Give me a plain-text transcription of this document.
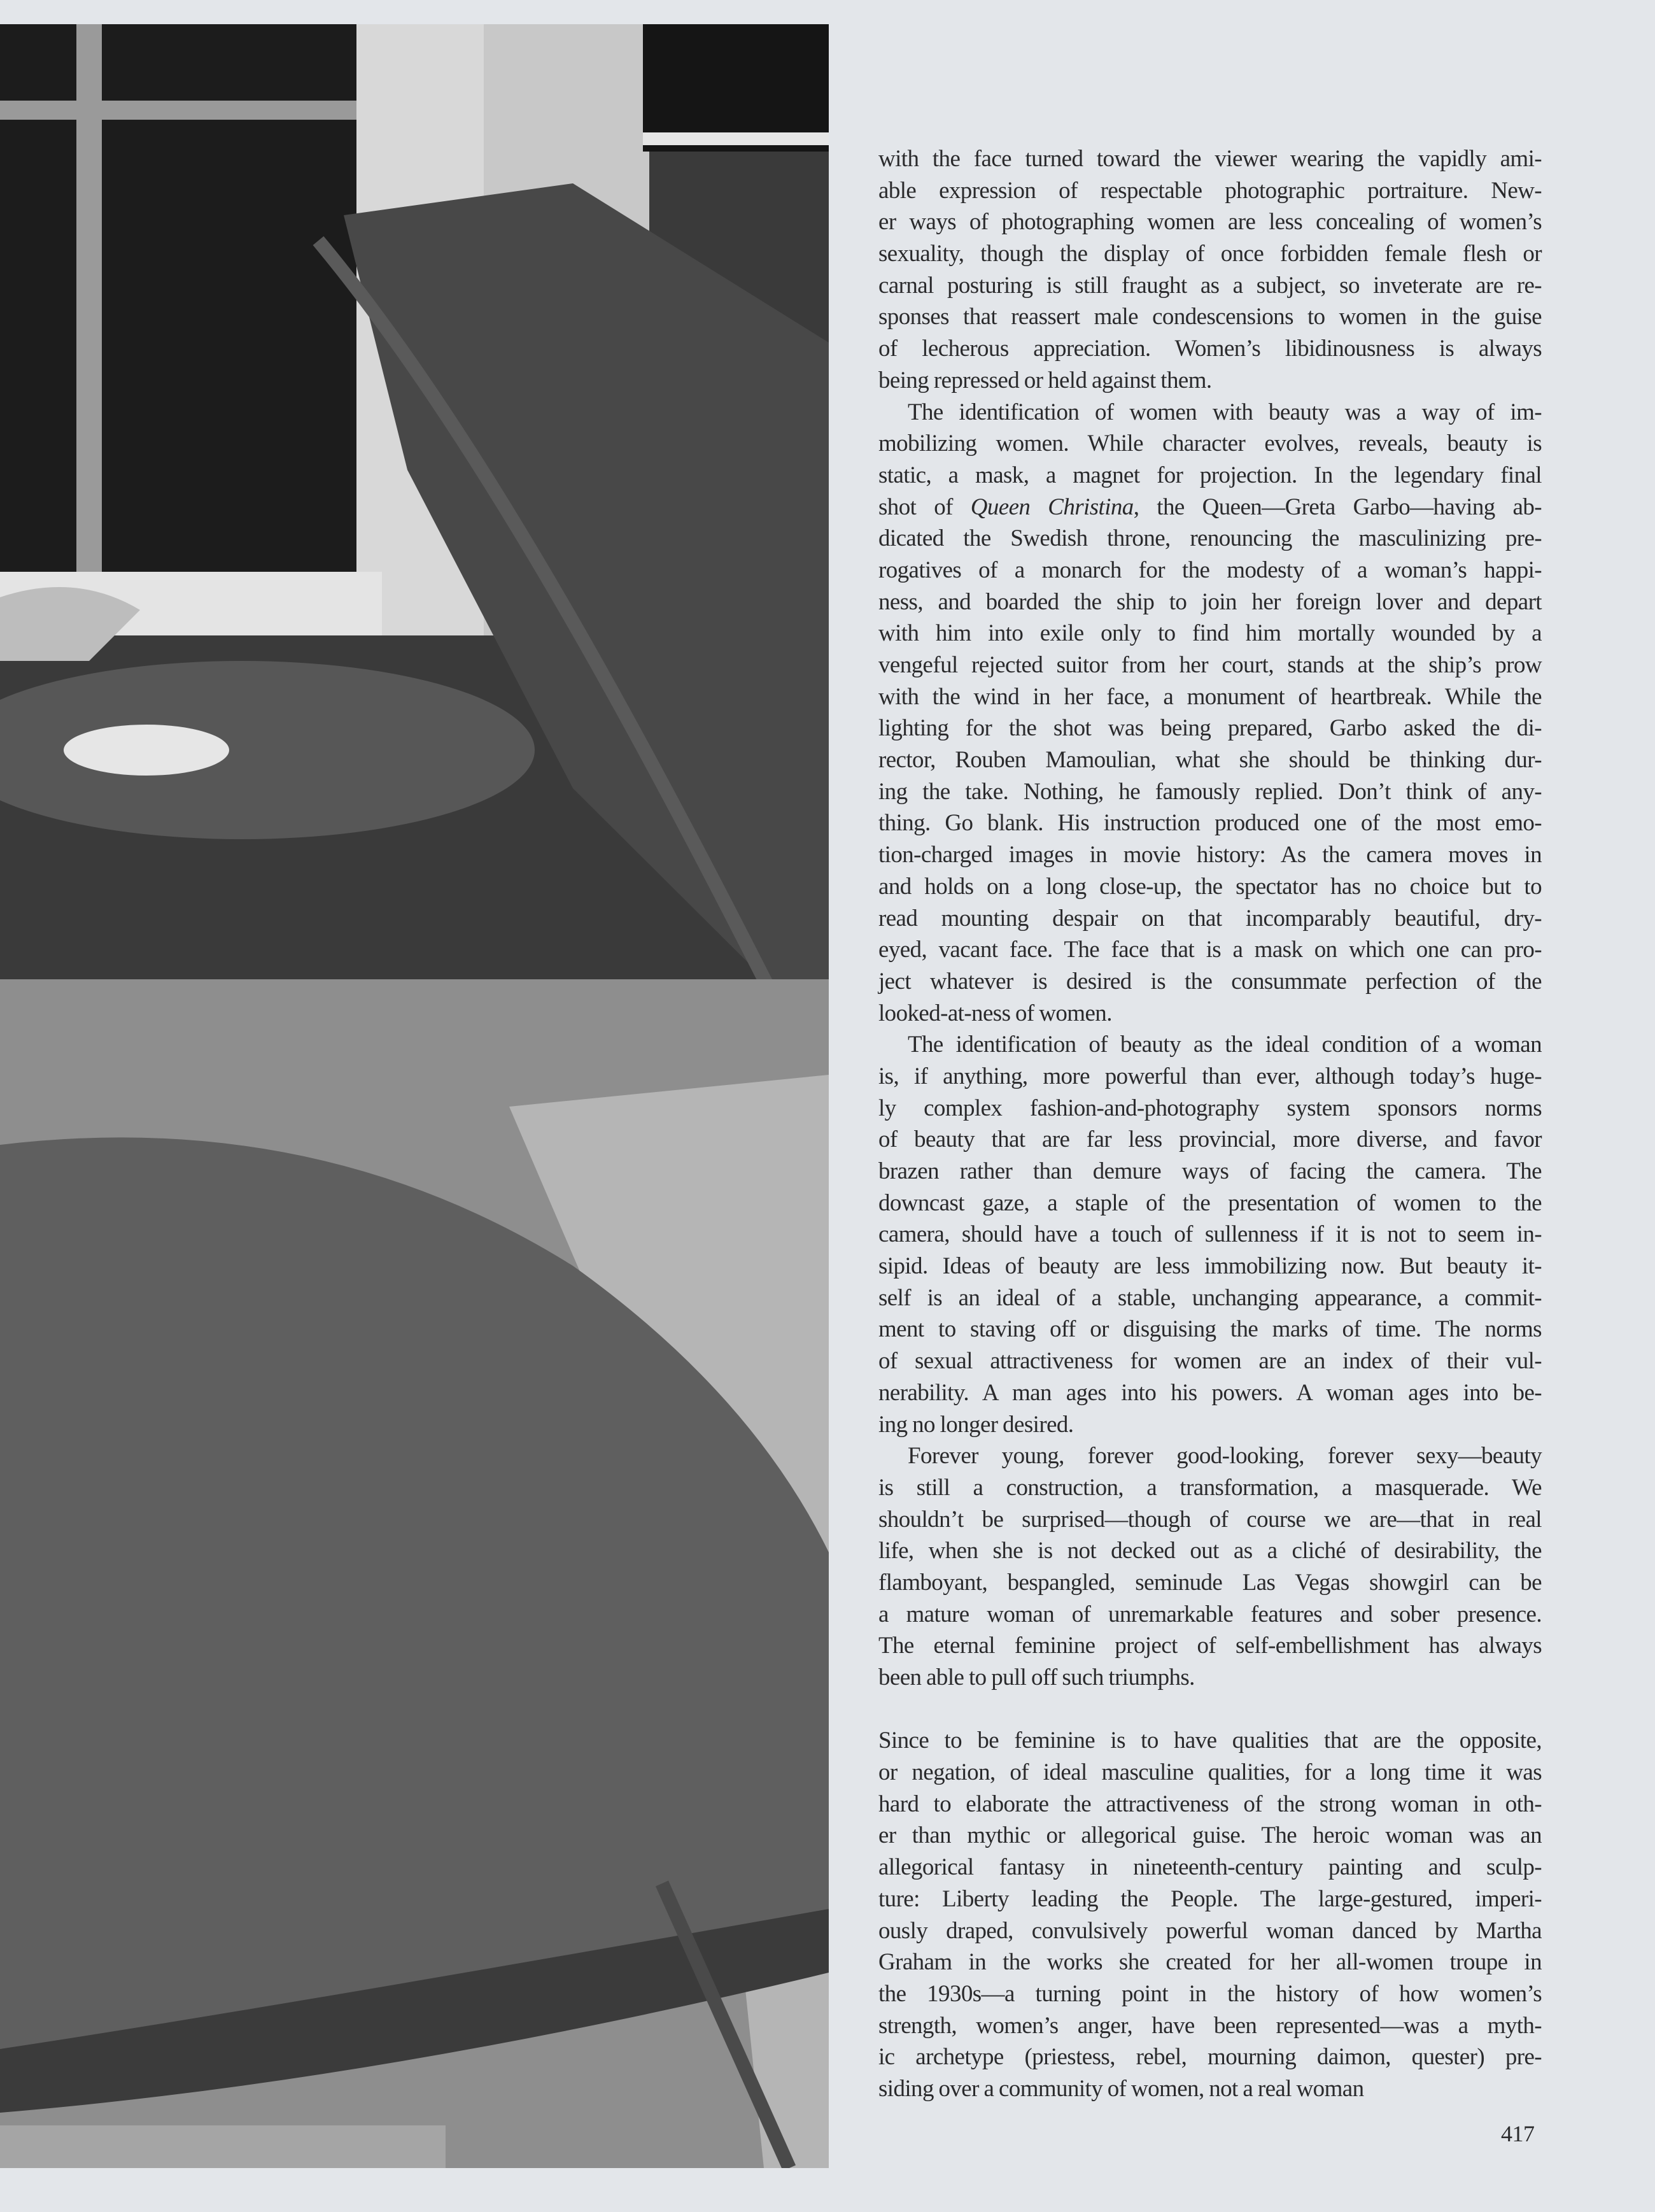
with the face turned toward the viewer wearing the vapidly ami-
able expression of respectable photographic portraiture. New-
er ways of photographing women are less concealing of women’s
sexuality, though the display of once forbidden female flesh or
carnal posturing is still fraught as a subject, so inveterate are re-
sponses that reassert male condescensions to women in the guise
of lecherous appreciation. Women’s libidinousness is always
being repressed or held against them.
The identification of women with beauty was a way of im-
mobilizing women. While character evolves, reveals, beauty is
static, a mask, a magnet for projection. In the legendary final
shot of Queen Christina, the Queen—Greta Garbo—having ab-
dicated the Swedish throne, renouncing the masculinizing pre-
rogatives of a monarch for the modesty of a woman’s happi-
ness, and boarded the ship to join her foreign lover and depart
with him into exile only to find him mortally wounded by a
vengeful rejected suitor from her court, stands at the ship’s prow
with the wind in her face, a monument of heartbreak. While the
lighting for the shot was being prepared, Garbo asked the di-
rector, Rouben Mamoulian, what she should be thinking dur-
ing the take. Nothing, he famously replied. Don’t think of any-
thing. Go blank. His instruction produced one of the most emo-
tion-charged images in movie history: As the camera moves in
and holds on a long close-up, the spectator has no choice but to
read mounting despair on that incomparably beautiful, dry-
eyed, vacant face. The face that is a mask on which one can pro-
ject whatever is desired is the consummate perfection of the
looked-at-ness of women.
The identification of beauty as the ideal condition of a woman
is, if anything, more powerful than ever, although today’s huge-
ly complex fashion-and-photography system sponsors norms
of beauty that are far less provincial, more diverse, and favor
brazen rather than demure ways of facing the camera. The
downcast gaze, a staple of the presentation of women to the
camera, should have a touch of sullenness if it is not to seem in-
sipid. Ideas of beauty are less immobilizing now. But beauty it-
self is an ideal of a stable, unchanging appearance, a commit-
ment to staving off or disguising the marks of time. The norms
of sexual attractiveness for women are an index of their vul-
nerability. A man ages into his powers. A woman ages into be-
ing no longer desired.
Forever young, forever good-looking, forever sexy—beauty
is still a construction, a transformation, a masquerade. We
shouldn’t be surprised—though of course we are—that in real
life, when she is not decked out as a cliché of desirability, the
flamboyant, bespangled, seminude Las Vegas showgirl can be
a mature woman of unremarkable features and sober presence.
The eternal feminine project of self-embellishment has always
been able to pull off such triumphs.
Since to be feminine is to have qualities that are the opposite,
or negation, of ideal masculine qualities, for a long time it was
hard to elaborate the attractiveness of the strong woman in oth-
er than mythic or allegorical guise. The heroic woman was an
allegorical fantasy in nineteenth-century painting and sculp-
ture: Liberty leading the People. The large-gestured, imperi-
ously draped, convulsively powerful woman danced by Martha
Graham in the works she created for her all-women troupe in
the 1930s—a turning point in the history of how women’s
strength, women’s anger, have been represented—was a myth-
ic archetype (priestess, rebel, mourning daimon, quester) pre-
siding over a community of women, not a real woman
417
